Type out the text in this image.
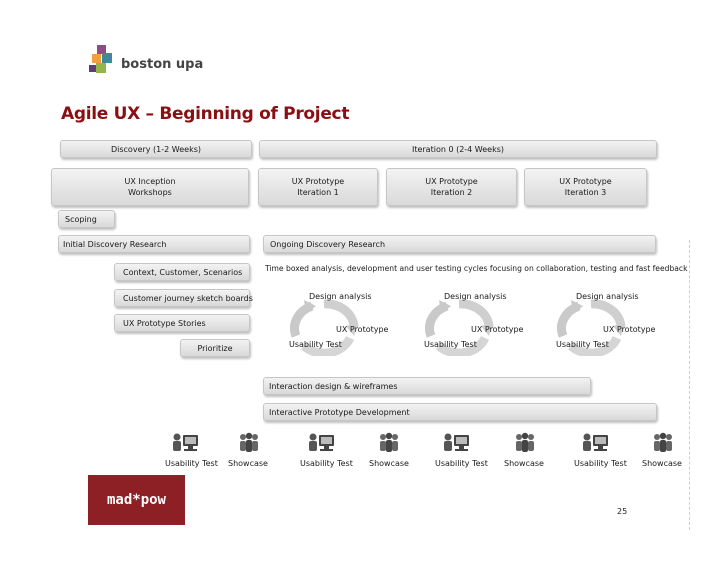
boston upa
Agile UX – Beginning of Project
Discovery (1-2 Weeks)	Iteration 0 (2-4 Weeks)
UX Inception
Workshops
UX Prototype
Iteration 1
UX Prototype
Iteration 2
UX Prototype
Iteration 3
Scoping
Initial Discovery Research	Ongoing Discovery Research
Context, Customer, Scenarios
Customer journey sketch boards
UX Prototype Stories
Prioritize
Interaction design & wireframes
Interactive Prototype Development
Time boxed analysis, development and user testing cycles focusing on collaboration, testing and fast feedback
Design analysis
UX Prototype
Usability Test
Design analysis
UX Prototype
Usability Test
Design analysis
UX Prototype
Usability Test
Usability Test Showcase	Usability Test Showcase	Usability Test Showcase	Usability Test Showcase
mad*pow
25
